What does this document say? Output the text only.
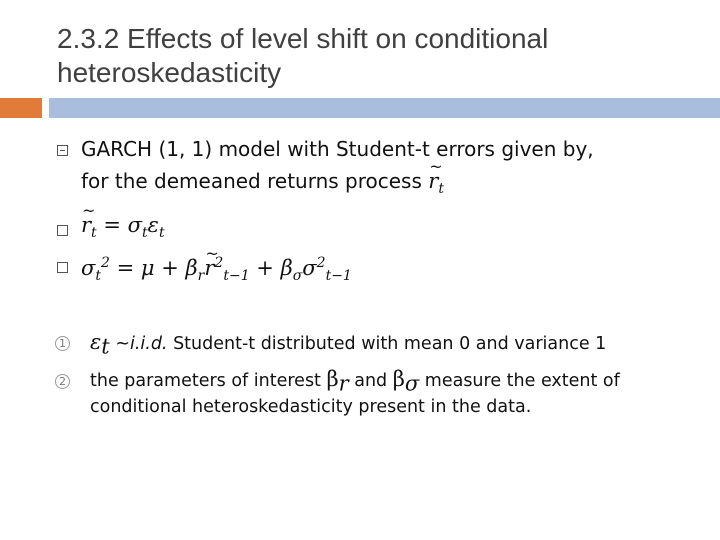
2.3.2 Effects of level shift on conditional
heteroskedasticity
GARCH (1, 1) model with Student-t errors given by,
for the demeaned returns process ~ $r_t$
~ $r_t = \sigma_t\varepsilon_t$
$\sigma_t^2 = \mu$ + $\beta_r\sim$ $r^2_{t-1} + \beta_\sigma\sigma^2_{t-1}$
1 $\varepsilon_t$ ~i.i.d. Student-t distributed with mean 0 and variance 1
2 the parameters of interest $\beta_r$ and $\beta_\sigma$ measure the extent of
conditional heteroskedasticity present in the data.
